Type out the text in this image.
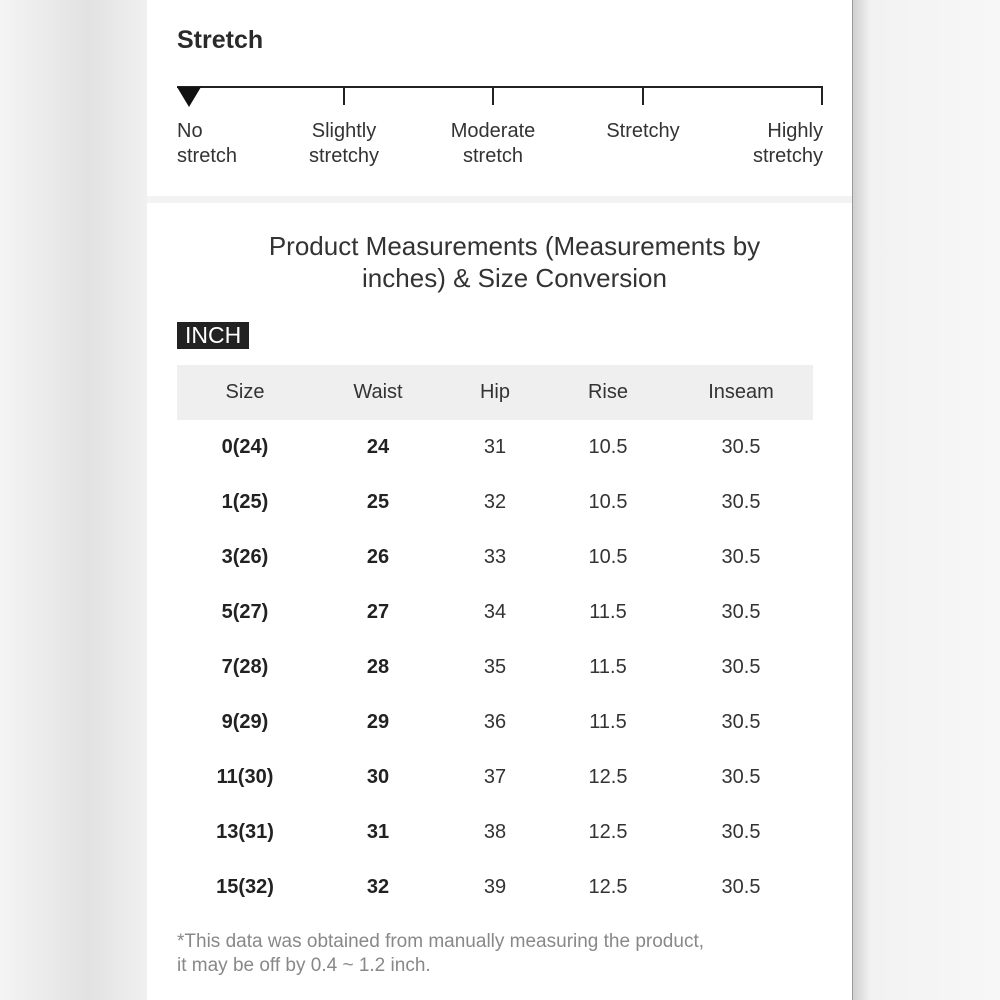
Stretch
No
stretch
Slightly
stretchy
Moderate
stretch
Stretchy	Highly
stretchy
Product Measurements (Measurements by
inches) & Size Conversion
INCH
Size	Waist	Hip	Rise	Inseam
0(24)	24	31	10.5	30.5
1(25)	25	32	10.5	30.5
3(26)	26	33	10.5	30.5
5(27)	27	34	11.5	30.5
7(28)	28	35	11.5	30.5
9(29)	29	36	11.5	30.5
11(30)	30	37	12.5	30.5
13(31)	31	38	12.5	30.5
15(32)	32	39	12.5	30.5
*This data was obtained from manually measuring the product,
it may be off by 0.4 ~ 1.2 inch.
